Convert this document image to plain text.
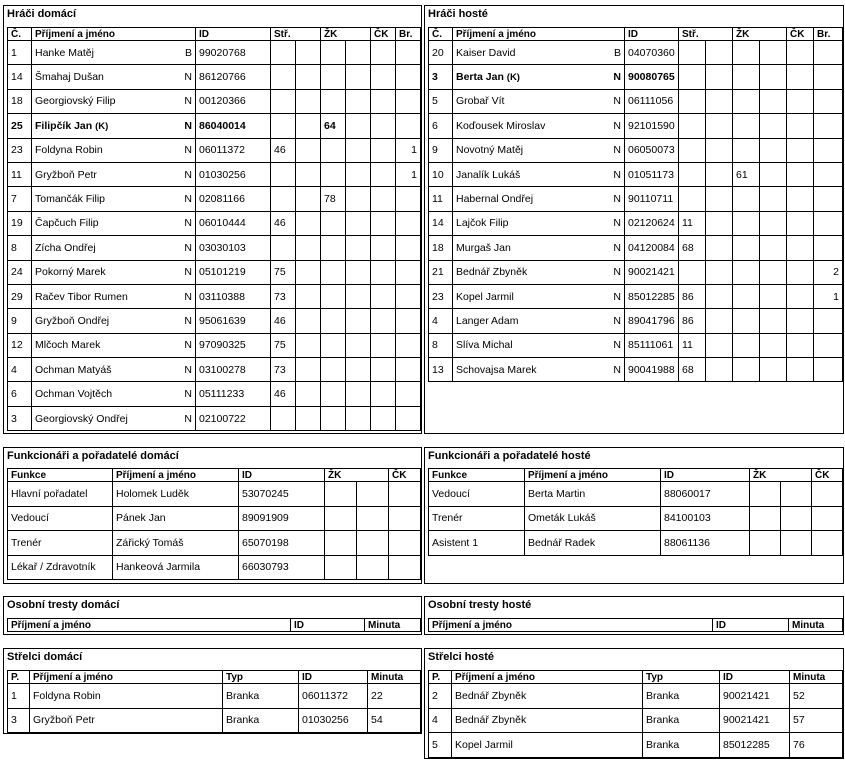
Hráči domácí
Č.	Příjmení a jméno	ID	Stř.		ŽK		ČK	Br.
1	Hanke Matěj B	99020768						
14	Šmahaj Dušan N	86120766						
18	Georgiovský Filip N	00120366						
25	Filipčík Jan (K) N	86040014			64			
23	Foldyna Robin N	06011372	46					1
11	Gryžboň Petr N	01030256						1
7	Tomančák Filip N	02081166			78			
19	Čapčuch Filip N	06010444	46					
8	Zícha Ondřej N	03030103						
24	Pokorný Marek N	05101219	75					
29	Račev Tibor Rumen N	03110388	73					
9	Gryžboň Ondřej N	95061639	46					
12	Mlčoch Marek N	97090325	75					
4	Ochman Matyáš N	03100278	73					
6	Ochman Vojtěch N	05111233	46					
3	Georgiovský Ondřej N	02100722						
Hráči hosté
Č.	Příjmení a jméno	ID	Stř.		ŽK		ČK	Br.
20	Kaiser David B	04070360						
3	Berta Jan (K) N	90080765						
5	Grobař Vít N	06111056						
6	Koďousek Miroslav N	92101590						
9	Novotný Matěj N	06050073						
10	Janalík Lukáš N	01051173			61			
11	Habernal Ondřej N	90110711						
14	Lajčok Filip N	02120624	11					
18	Murgaš Jan N	04120084	68					
21	Bednář Zbyněk N	90021421						2
23	Kopel Jarmil N	85012285	86					1
4	Langer Adam N	89041796	86					
8	Slíva Michal N	85111061	11					
13	Schovajsa Marek N	90041988	68					
Funkcionáři a pořadatelé domácí
Funkce	Příjmení a jméno	ID	ŽK		ČK
Hlavní pořadatel	Holomek Luděk	53070245			
Vedoucí	Pánek Jan	89091909			
Trenér	Zářický Tomáš	65070198			
Lékař / Zdravotník	Hankeová Jarmila	66030793			
Funkcionáři a pořadatelé hosté
Funkce	Příjmení a jméno	ID	ŽK		ČK
Vedoucí	Berta Martin	88060017			
Trenér	Ometák Lukáš	84100103			
Asistent 1	Bednář Radek	88061136			
Osobní tresty domácí
Příjmení a jméno	ID	Minuta
Osobní tresty hosté
Příjmení a jméno	ID	Minuta
Střelci domácí
P.	Příjmení a jméno	Typ	ID	Minuta
1	Foldyna Robin	Branka	06011372	22
3	Gryžboň Petr	Branka	01030256	54
Střelci hosté
P.	Příjmení a jméno	Typ	ID	Minuta
2	Bednář Zbyněk	Branka	90021421	52
4	Bednář Zbyněk	Branka	90021421	57
5	Kopel Jarmil	Branka	85012285	76
